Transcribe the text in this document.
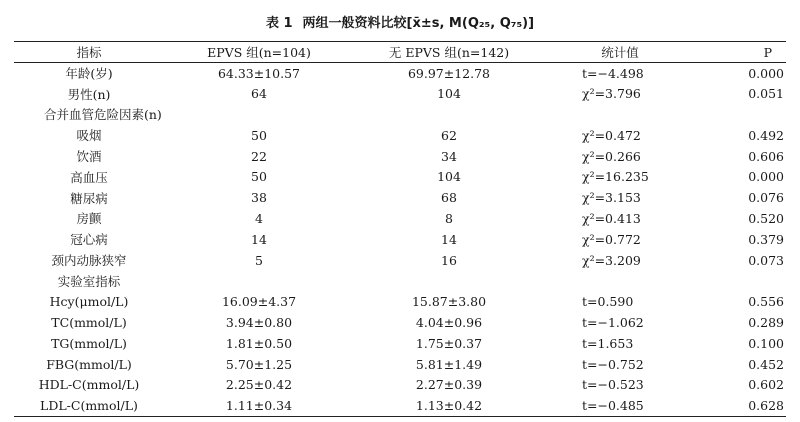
表 1 两组一般资料比较[x̄±s, M(Q₂₅, Q₇₅)]
指标	EPVS 组(n=104)	无 EPVS 组(n=142)	统计值	P
年龄(岁)	64.33±10.57	69.97±12.78	t=−4.498	0.000
男性(n)	64	104	χ²=3.796	0.051
合并血管危险因素(n)				
吸烟	50	62	χ²=0.472	0.492
饮酒	22	34	χ²=0.266	0.606
高血压	50	104	χ²=16.235	0.000
糖尿病	38	68	χ²=3.153	0.076
房颤	4	8	χ²=0.413	0.520
冠心病	14	14	χ²=0.772	0.379
颈内动脉狭窄	5	16	χ²=3.209	0.073
实验室指标				
Hcy(μmol/L)	16.09±4.37	15.87±3.80	t=0.590	0.556
TC(mmol/L)	3.94±0.80	4.04±0.96	t=−1.062	0.289
TG(mmol/L)	1.81±0.50	1.75±0.37	t=1.653	0.100
FBG(mmol/L)	5.70±1.25	5.81±1.49	t=−0.752	0.452
HDL-C(mmol/L)	2.25±0.42	2.27±0.39	t=−0.523	0.602
LDL-C(mmol/L)	1.11±0.34	1.13±0.42	t=−0.485	0.628
